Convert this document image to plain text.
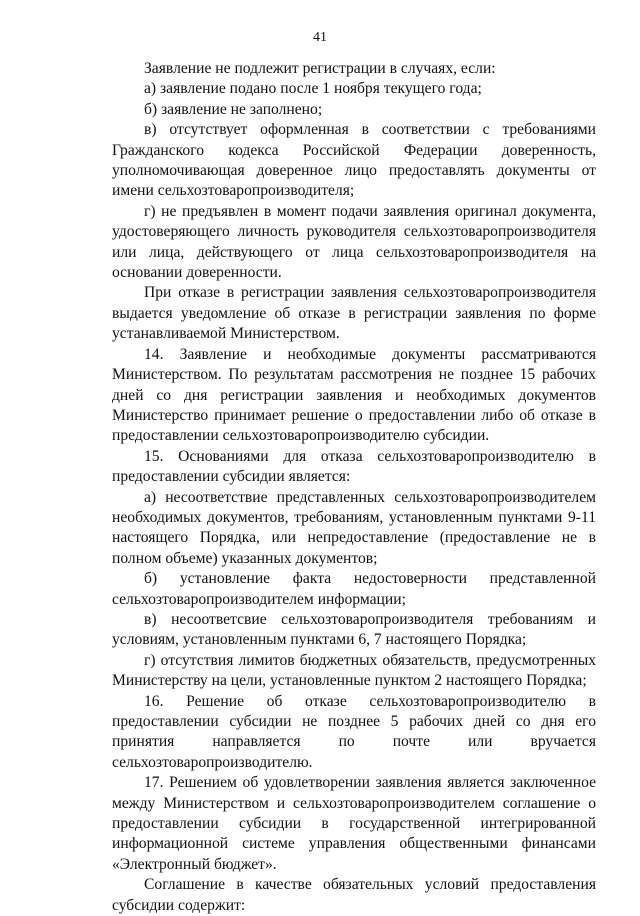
41

Заявление не подлежит регистрации в случаях, если:

а) заявление подано после 1 ноября текущего года;

б) заявление не заполнено;

в) отсутствует оформленная в соответствии с требованиями Гражданского кодекса Российской Федерации доверенность, уполномочивающая доверенное лицо предоставлять документы от имени сельхозтоваропроизводителя;

г) не предъявлен в момент подачи заявления оригинал документа, удостоверяющего личность руководителя сельхозтоваропроизводителя или лица, действующего от лица сельхозтоваропроизводителя на основании доверенности.

При отказе в регистрации заявления сельхозтоваропроизводителя выдается уведомление об отказе в регистрации заявления по форме устанавливаемой Министерством.

14. Заявление и необходимые документы рассматриваются Министерством. По результатам рассмотрения не позднее 15 рабочих дней со дня регистрации заявления и необходимых документов Министерство принимает решение о предоставлении либо об отказе в предоставлении сельхозтоваропроизводителю субсидии.

15. Основаниями для отказа сельхозтоваропроизводителю в предоставлении субсидии является:

а) несоответствие представленных сельхозтоваропроизводителем необходимых документов, требованиям, установленным пунктами 9-11 настоящего Порядка, или непредоставление (предоставление не в полном объеме) указанных документов;

б) установление факта недостоверности представленной сельхозтоваропроизводителем информации;

в) несоответсвие сельхозтоваропроизводителя требованиям и условиям, установленным пунктами 6, 7 настоящего Порядка;

г) отсутствия лимитов бюджетных обязательств, предусмотренных Министерству на цели, установленные пунктом 2 настоящего Порядка;

16. Решение об отказе сельхозтоваропроизводителю в предоставлении субсидии не позднее 5 рабочих дней со дня его принятия направляется по почте или вручается сельхозтоваропроизводителю.

17. Решением об удовлетворении заявления является заключенное между Министерством и сельхозтоваропроизводителем соглашение о предоставлении субсидии в государственной интегрированной информационной системе управления общественными финансами «Электронный бюджет».

Соглашение в качестве обязательных условий предоставления субсидии содержит:
